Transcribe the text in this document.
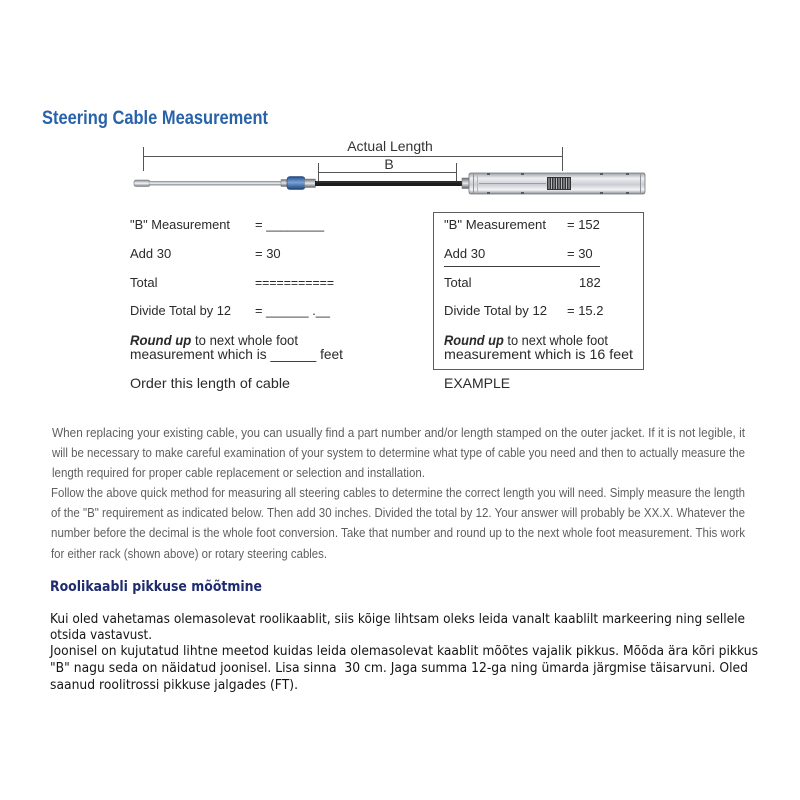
Steering Cable Measurement
Actual Length
B
"B" Measurement = ________
Add 30	= 30
Total	===========
Divide Total by 12 = ______ .__
Round up to next whole foot
measurement which is ______ feet
Order this length of cable
"B" Measurement = 152
Add 30	= 30
Total	182
Divide Total by 12 = 15.2
Round up to next whole foot
measurement which is 16 feet
EXAMPLE
When replacing your existing cable, you can usually find a part number and/or length stamped on the outer jacket. If it is not legible, it
will be necessary to make careful examination of your system to determine what type of cable you need and then to actually measure the
length required for proper cable replacement or selection and installation.
Follow the above quick method for measuring all steering cables to determine the correct length you will need. Simply measure the length
of the "B" requirement as indicated below. Then add 30 inches. Divided the total by 12. Your answer will probably be XX.X. Whatever the
number before the decimal is the whole foot conversion. Take that number and round up to the next whole foot measurement. This work
for either rack (shown above) or rotary steering cables.
Roolikaabli pikkuse mõõtmine
Kui oled vahetamas olemasolevat roolikaablit, siis kõige lihtsam oleks leida vanalt kaablilt markeering ning sellele
otsida vastavust.
Joonisel on kujutatud lihtne meetod kuidas leida olemasolevat kaablit mõõtes vajalik pikkus. Mõõda ära kõri pikkus
"B" nagu seda on näidatud joonisel. Lisa sinna  30 cm. Jaga summa 12-ga ning ümarda järgmise täisarvuni. Oled
saanud roolitrossi pikkuse jalgades (FT).
